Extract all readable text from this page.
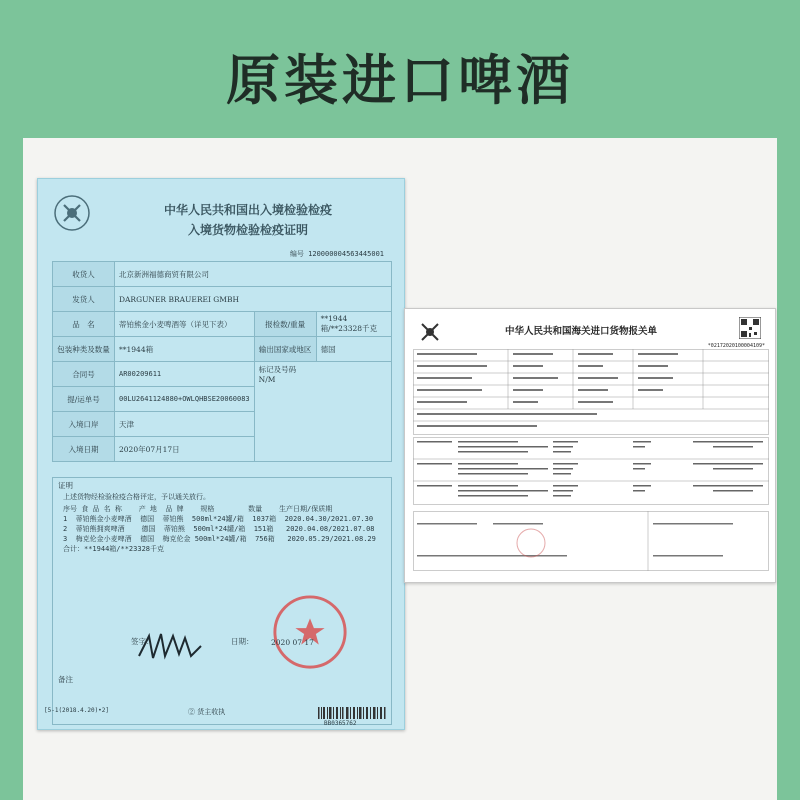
原装进口啤酒
中华人民共和国出入境检验检疫
入境货物检验检疫证明
编号 120000004563445001
收货人	北京新洲福德商贸有限公司		
发货人	DARGUNER BRAUEREI GMBH		
品　名	蒂铂熊金小麦啤酒等（详见下表）	报检数/重量	**1944箱/**23328千克
包装种类及数量	**1944箱	输出国家或地区	德国
合同号	AR00209611	标记及号码
N/M	

提/运单号	00LU2641124880+OWLQHBSE20060083		
入境口岸	天津		
入境日期	2020年07月17日		
证明
上述货物经检验检疫合格评定，予以通关放行。
序号 食 品 名 称    产 地  品 牌    规格        数量    生产日期/保质期
1  蒂铂熊金小麦啤酒  德国  蒂铂熊  500ml*24罐/箱  1037箱  2020.04.30/2021.07.30
2  蒂铂熊拥爽啤酒    德国  蒂铂熊  500ml*24罐/箱  151箱   2020.04.08/2021.07.08
3  梅克伦金小麦啤酒  德国  梅克伦金 500ml*24罐/箱  756箱   2020.05.29/2021.08.29
合计：**1944箱/**23328千克
签字：	日期： 2020 07 17
备注
[5-1(2018.4.20)•2]	② 货主收执
BB0365762
中华人民共和国海关进口货物报关单
*02172020100004109*
